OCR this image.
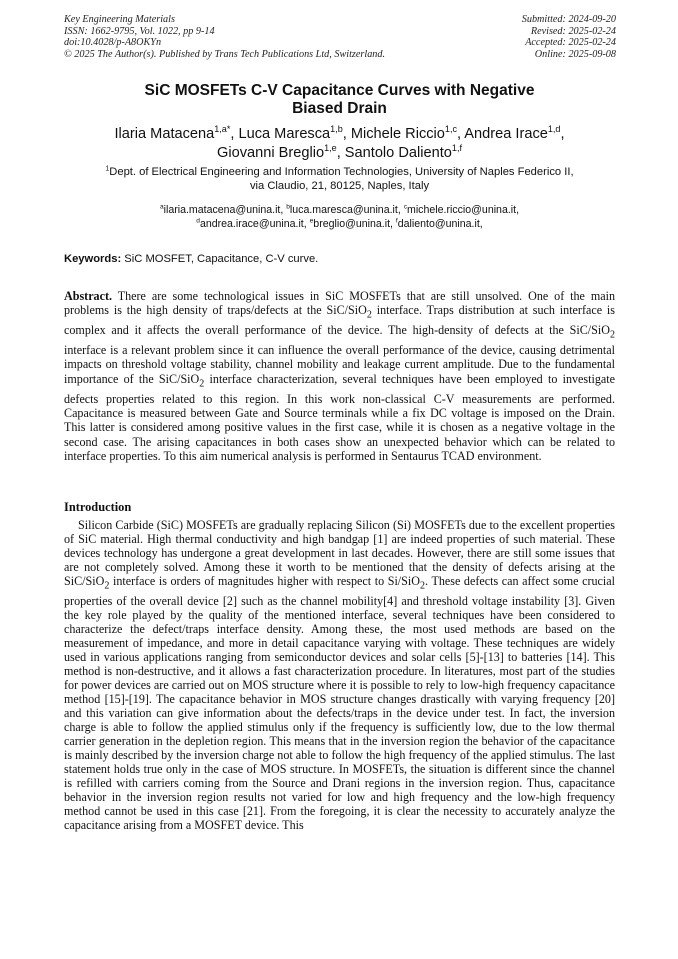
Key Engineering Materials
ISSN: 1662-9795, Vol. 1022, pp 9-14
doi:10.4028/p-A8OKYn
© 2025 The Author(s). Published by Trans Tech Publications Ltd, Switzerland.
Submitted: 2024-09-20
Revised: 2025-02-24
Accepted: 2025-02-24
Online: 2025-09-08
SiC MOSFETs C-V Capacitance Curves with Negative
Biased Drain
Ilaria Matacena$^{1,a*}$, Luca Maresca$^{1,b}$, Michele Riccio$^{1,c}$, Andrea Irace$^{1,d}$,
Giovanni Breglio$^{1,e}$, Santolo Daliento$^{1,f}$
$^1$Dept. of Electrical Engineering and Information Technologies, University of Naples Federico II,
via Claudio, 21, 80125, Naples, Italy
$^a$ilaria.matacena@unina.it, $^b$luca.maresca@unina.it, $^c$michele.riccio@unina.it,
$^d$andrea.irace@unina.it, $^e$breglio@unina.it, $^f$daliento@unina.it,
Keywords: SiC MOSFET, Capacitance, C-V curve.
Abstract. There are some technological issues in SiC MOSFETs that are still unsolved. One of the main problems is the high density of traps/defects at the SiC/SiO$_2$ interface. Traps distribution at such interface is complex and it affects the overall performance of the device. The high-density of defects at the SiC/SiO$_2$ interface is a relevant problem since it can influence the overall performance of the device, causing detrimental impacts on threshold voltage stability, channel mobility and leakage current amplitude. Due to the fundamental importance of the SiC/SiO$_2$ interface characterization, several techniques have been employed to investigate defects properties related to this region. In this work non-classical C-V measurements are performed. Capacitance is measured between Gate and Source terminals while a fix DC voltage is imposed on the Drain. This latter is considered among positive values in the first case, while it is chosen as a negative voltage in the second case. The arising capacitances in both cases show an unexpected behavior which can be related to interface properties. To this aim numerical analysis is performed in Sentaurus TCAD environment.
Introduction
Silicon Carbide (SiC) MOSFETs are gradually replacing Silicon (Si) MOSFETs due to the excellent properties of SiC material. High thermal conductivity and high bandgap [1] are indeed properties of such material. These devices technology has undergone a great development in last decades. However, there are still some issues that are not completely solved. Among these it worth to be mentioned that the density of defects arising at the SiC/SiO$_2$ interface is orders of magnitudes higher with respect to Si/SiO$_2$. These defects can affect some crucial properties of the overall device [2] such as the channel mobility[4] and threshold voltage instability [3]. Given the key role played by the quality of the mentioned interface, several techniques have been considered to characterize the defect/traps interface density. Among these, the most used methods are based on the measurement of impedance, and more in detail capacitance varying with voltage. These techniques are widely used in various applications ranging from semiconductor devices and solar cells [5]-[13] to batteries [14]. This method is non-destructive, and it allows a fast characterization procedure. In literatures, most part of the studies for power devices are carried out on MOS structure where it is possible to rely to low-high frequency capacitance method [15]-[19]. The capacitance behavior in MOS structure changes drastically with varying frequency [20] and this variation can give information about the defects/traps in the device under test. In fact, the inversion charge is able to follow the applied stimulus only if the frequency is sufficiently low, due to the low thermal carrier generation in the depletion region. This means that in the inversion region the behavior of the capacitance is mainly described by the inversion charge not able to follow the high frequency of the applied stimulus. The last statement holds true only in the case of MOS structure. In MOSFETs, the situation is different since the channel is refilled with carriers coming from the Source and Drani regions in the inversion region. Thus, capacitance behavior in the inversion region results not varied for low and high frequency and the low-high frequency method cannot be used in this case [21]. From the foregoing, it is clear the necessity to accurately analyze the capacitance arising from a MOSFET device. This
